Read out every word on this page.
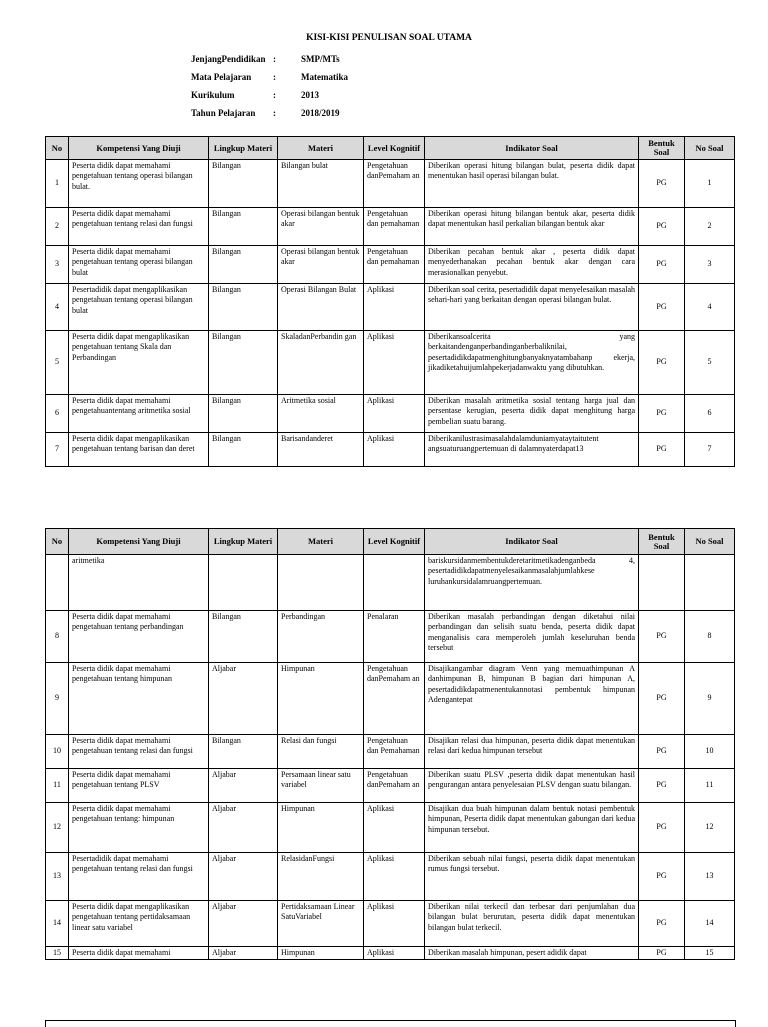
KISI-KISI PENULISAN SOAL UTAMA
JenjangPendidikan :	SMP/MTs
Mata Pelajaran	:	Matematika
Kurikulum	:	2013
Tahun Pelajaran	:	2018/2019
No	Kompetensi Yang Diuji	Lingkup Materi	Materi	Level Kognitif	Indikator Soal	Bentuk Soal	No Soal
1	Peserta didik dapat memahami pengetahuan tentang operasi bilangan bulat.	Bilangan	Bilangan bulat	Pengetahuan danPemaham an	Diberikan operasi hitung bilangan bulat, peserta didik dapat menentukan hasil operasi bilangan bulat.	PG	1
2	Peserta didik dapat memahami pengetahuan tentang relasi dan fungsi	Bilangan	Operasi bilangan bentuk akar	Pengetahuan dan pemahaman	Diberikan operasi hitung bilangan bentuk akar, peserta didik dapat menentukan hasil perkalian bilangan bentuk akar	PG	2
3	Peserta didik dapat memahami pengetahuan tentang operasi bilangan bulat	Bilangan	Operasi bilangan bentuk akar	Pengetahuan dan pemahaman	Diberikan pecahan bentuk akar , peserta didik dapat menyederhanakan pecahan bentuk akar dengan cara merasionalkan penyebut.	PG	3
4	Pesertadidik dapat mengaplikasikan pengetahuan tentang operasi bilangan bulat	Bilangan	Operasi Bilangan Bulat	Aplikasi	Diberikan soal cerita, pesertadidik dapat menyelesaikan masalah sehari-hari yang berkaitan dengan operasi bilangan bulat.	PG	4
5	Peserta didik dapat mengaplikasikan pengetahuan tentang Skala dan Perbandingan	Bilangan	SkaladanPerbandin gan	Aplikasi	Diberikansoalcerita yang berkaitandenganperbandinganberbaliknilai, pesertadidikdapatmenghitungbanyaknyatambahanp ekerja, jikadiketahuijumlahpekerjadanwaktu yang dibutuhkan.	PG	5
6	Peserta didik dapat memahami pengetahuantentang aritmetika sosial	Bilangan	Aritmetika sosial	Aplikasi	Diberikan masalah aritmetika sosial tentang harga jual dan persentase kerugian, peserta didik dapat menghitung harga pembelian suatu barang.	PG	6
7	Peserta didik dapat mengaplikasikan pengetahuan tentang barisan dan deret	Bilangan	Barisandanderet	Aplikasi	Diberikanilustrasimasalahdalamduniamyataytaitutent angsuaturuangpertemuan di dalamnyaterdapat13	PG	7
No	Kompetensi Yang Diuji	Lingkup Materi	Materi	Level Kognitif	Indikator Soal	Bentuk Soal	No Soal
	aritmetika				bariskursidanmembentukderetaritmetikadenganbeda 4, pesertadidikdapatmenyelesaikanmasalahjumlahkese luruhankursidalamruangpertemuan.		
8	Peserta didik dapat memahami pengetahuan tentang perbandingan	Bilangan	Perbandingan	Penalaran	Diberikan masalah perbandingan dengan diketahui nilai perbandingan dan selisih suatu benda, peserta didik dapat menganalisis cara memperoleh jumlah keseluruhan benda tersebut	PG	8
9	Peserta didik dapat memahami pengetahuan tentang himpunan	Aljabar	Himpunan	Pengetahuan danPemaham an	Disajikangambar diagram Venn yang memuathimpunan A danhimpunan B, himpunan B bagian dari himpunan A, pesertadidikdapatmenentukannotasi pembentuk himpunan Adengantepat	PG	9
10	Peserta didik dapat memahami pengetahuan tentang relasi dan fungsi	Bilangan	Relasi dan fungsi	Pengetahuan dan Pemahaman	Disajikan relasi dua himpunan, peserta didik dapat menentukan relasi dari kedua himpunan tersebut	PG	10
11	Peserta didik dapat memahami pengetahuan tentang PLSV	Aljabar	Persamaan linear satu variabel	Pengetahuan danPemaham an	Diberikan suatu PLSV ,peserta didik dapat menentukan hasil pengurangan antara penyelesaian PLSV dengan suatu bilangan.	PG	11
12	Peserta didik dapat memahami pengetahuan tentang: himpunan	Aljabar	Himpunan	Aplikasi	Disajikan dua buah himpunan dalam bentuk notasi pembentuk himpunan, Peserta didik dapat menentukan gabungan dari kedua himpunan tersebut.	PG	12
13	Pesertadidik dapat memahami pengetahuan tentang relasi dan fungsi	Aljabar	RelasidanFungsi	Aplikasi	Diberikan sebuah nilai fungsi, peserta didik dapat menentukan rumus fungsi tersebut.	PG	13
14	Peserta didik dapat mengaplikasikan pengetahuan tentang pertidaksamaan linear satu variabel	Aljabar	Pertidaksamaan Linear SatuVariabel	Aplikasi	Diberikan nilai terkecil dan terbesar dari penjumlahan dua bilangan bulat berurutan, peserta didik dapat menentukan bilangan bulat terkecil.	PG	14
15	Peserta didik dapat memahami	Aljabar	Himpunan	Aplikasi	Diberikan masalah himpunan, pesert adidik dapat	PG	15
